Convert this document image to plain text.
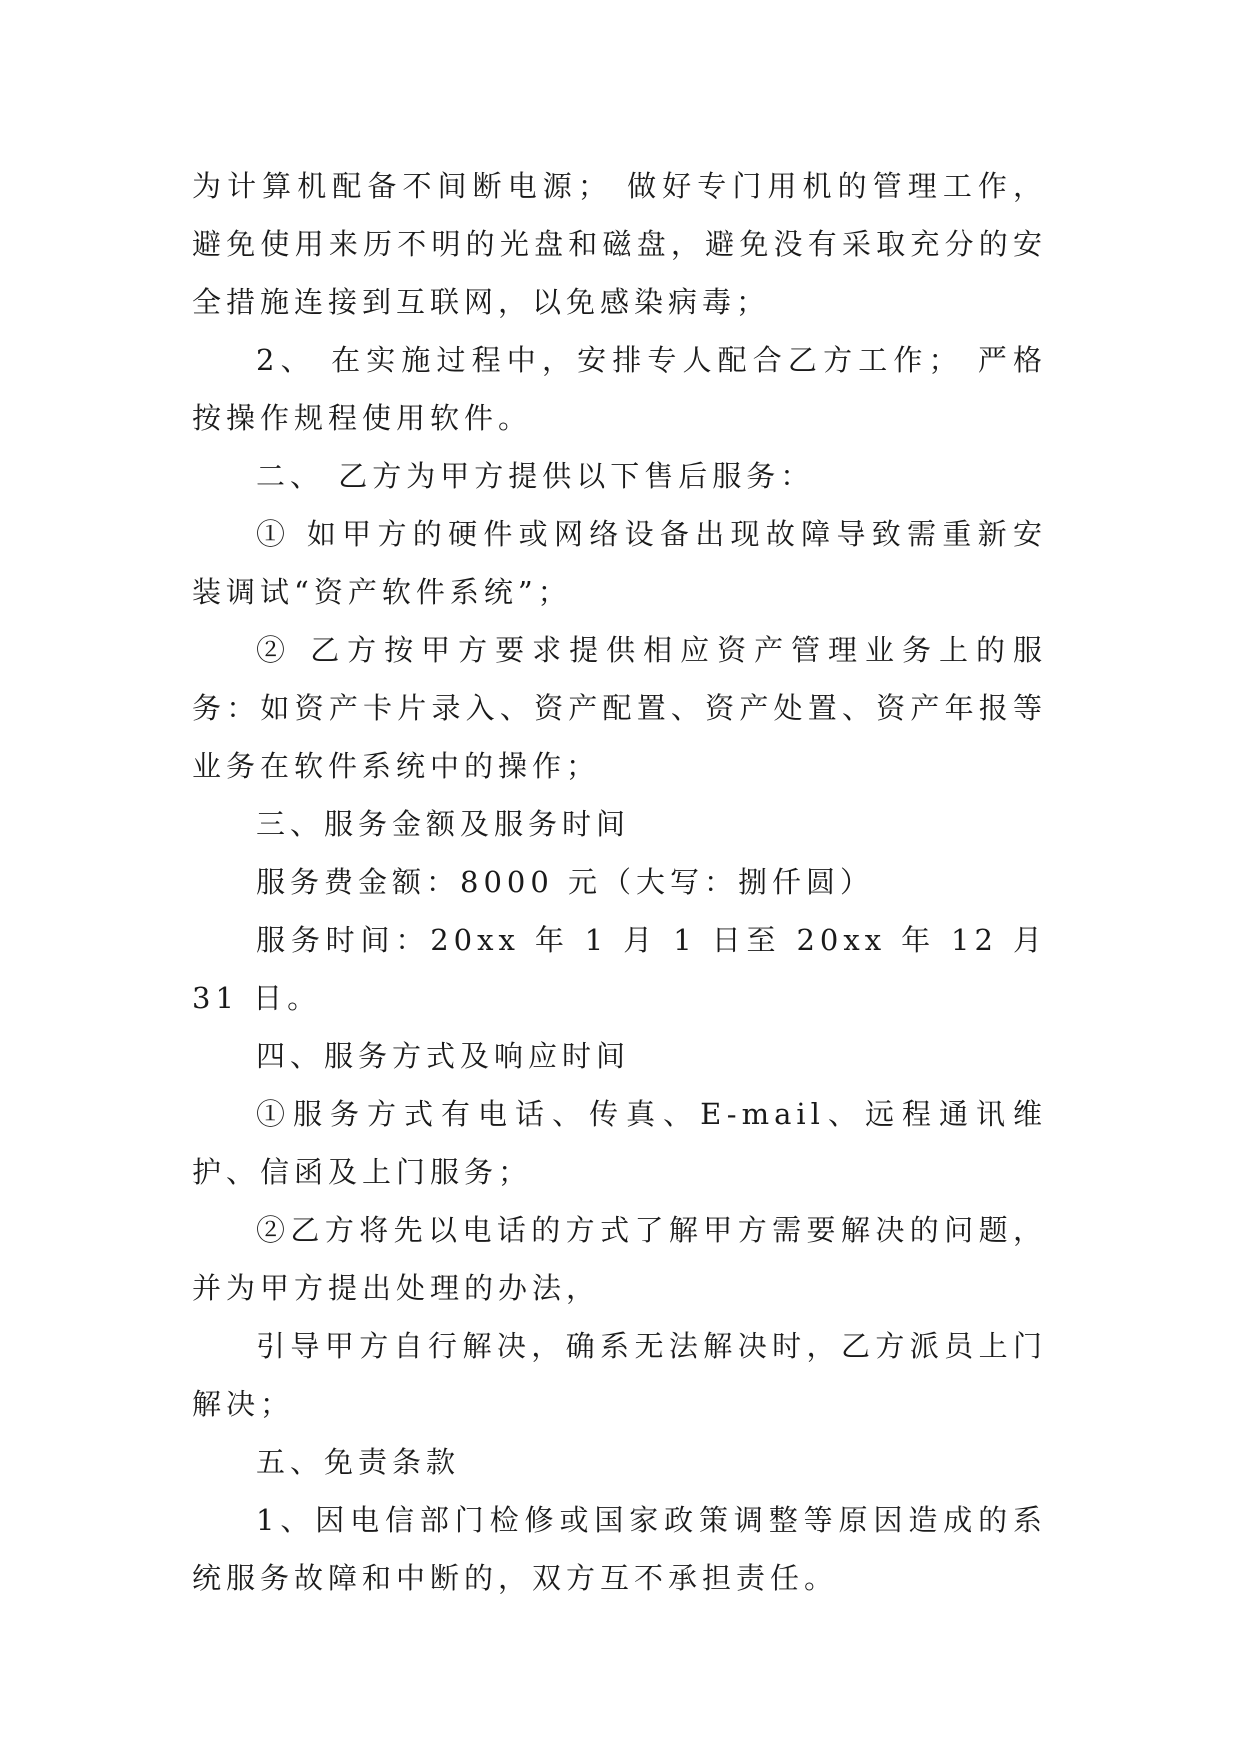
为计算机配备不间断电源； 做好专门用机的管理工作，避免使用来历不明的光盘和磁盘，避免没有采取充分的安全措施连接到互联网，以免感染病毒；

2、 在实施过程中，安排专人配合乙方工作； 严格按操作规程使用软件。

二、 乙方为甲方提供以下售后服务：

① 如甲方的硬件或网络设备出现故障导致需重新安装调试“资产软件系统”；

② 乙方按甲方要求提供相应资产管理业务上的服务：如资产卡片录入、资产配置、资产处置、资产年报等业务在软件系统中的操作；

三、服务金额及服务时间

服务费金额：8000 元（大写：捌仟圆）

服务时间：20xx 年 1 月 1 日至 20xx 年 12 月 31 日。

四、服务方式及响应时间

①服务方式有电话、传真、E-mail、远程通讯维护、信函及上门服务；

②乙方将先以电话的方式了解甲方需要解决的问题，并为甲方提出处理的办法，

引导甲方自行解决，确系无法解决时，乙方派员上门解决；

五、免责条款

1、因电信部门检修或国家政策调整等原因造成的系统服务故障和中断的，双方互不承担责任。
